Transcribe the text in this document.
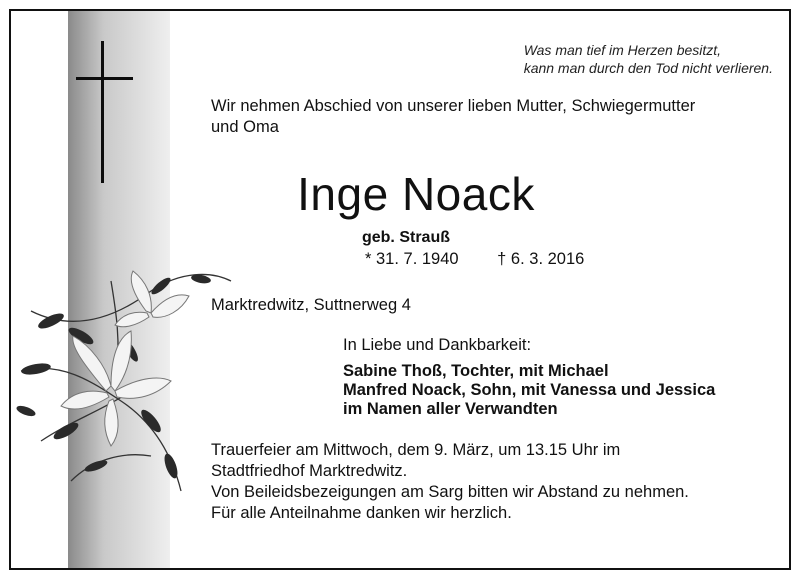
Was man tief im Herzen besitzt,
kann man durch den Tod nicht verlieren.
Wir nehmen Abschied von unserer lieben Mutter, Schwiegermutter
und Oma
Inge Noack
geb. Strauß
* 31. 7. 1940 † 6. 3. 2016
Marktredwitz, Suttnerweg 4
In Liebe und Dankbarkeit:
Sabine Thoß, Tochter, mit Michael
Manfred Noack, Sohn, mit Vanessa und Jessica
im Namen aller Verwandten
Trauerfeier am Mittwoch, dem 9. März, um 13.15 Uhr im
Stadtfriedhof Marktredwitz.
Von Beileidsbezeigungen am Sarg bitten wir Abstand zu nehmen.
Für alle Anteilnahme danken wir herzlich.
